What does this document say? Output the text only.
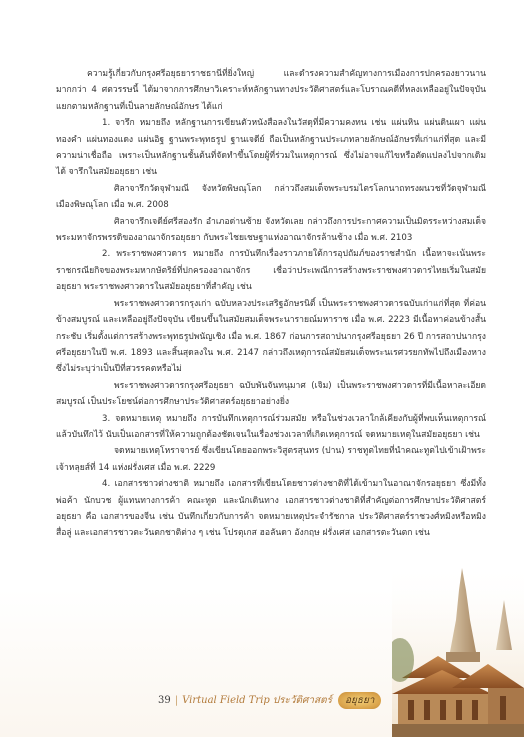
ความรู้เกี่ยวกับกรุงศรีอยุธยาราชธานีที่ยิ่งใหญ่ และดำรงความสำคัญทางการเมืองการปกครองยาวนานมากกว่า 4 ศตวรรษนี้ ได้มาจากการศึกษาวิเคราะห์หลักฐานทางประวัติศาสตร์และโบราณคดีที่หลงเหลืออยู่ในปัจจุบัน แยกตามหลักฐานที่เป็นลายลักษณ์อักษร ได้แก่

1. จารึก หมายถึง หลักฐานการเขียนตัวหนังสือลงในวัสดุที่มีความคงทน เช่น แผ่นหิน แผ่นดินเผา แผ่นทองคำ แผ่นทองแดง แผ่นอิฐ ฐานพระพุทธรูป ฐานเจดีย์ ถือเป็นหลักฐานประเภทลายลักษณ์อักษรที่เก่าแก่ที่สุด และมีความน่าเชื่อถือ เพราะเป็นหลักฐานชั้นต้นที่จัดทำขึ้นโดยผู้ที่ร่วมในเหตุการณ์ ซึ่งไม่อาจแก้ไขหรือตัดแปลงไปจากเดิมได้ จารึกในสมัยอยุธยา เช่น

ศิลาจารึกวัดจุฬามณี จังหวัดพิษณุโลก กล่าวถึงสมเด็จพระบรมไตรโลกนาถทรงผนวชที่วัดจุฬามณี เมืองพิษณุโลก เมื่อ พ.ศ. 2008

ศิลาจารึกเจดีย์ศรีสองรัก อำเภอด่านซ้าย จังหวัดเลย กล่าวถึงการประกาศความเป็นมิตรระหว่างสมเด็จพระมหาจักรพรรดิของอาณาจักรอยุธยา กับพระไชยเชษฐาแห่งอาณาจักรล้านช้าง เมื่อ พ.ศ. 2103

2. พระราชพงศาวดาร หมายถึง การบันทึกเรื่องราวภายใต้การอุปถัมภ์ของราชสำนัก เนื้อหาจะเน้นพระราชกรณียกิจของพระมหากษัตริย์ที่ปกครองอาณาจักร เชื่อว่าประเพณีการสร้างพระราชพงศาวดารไทยเริ่มในสมัยอยุธยา พระราชพงศาวดารในสมัยอยุธยาที่สำคัญ เช่น

พระราชพงศาวดารกรุงเก่า ฉบับหลวงประเสริฐอักษรนิติ์ เป็นพระราชพงศาวดารฉบับเก่าแก่ที่สุด ที่ค่อนข้างสมบูรณ์ และเหลืออยู่ถึงปัจจุบัน เขียนขึ้นในสมัยสมเด็จพระนารายณ์มหาราช เมื่อ พ.ศ. 2223 มีเนื้อหาค่อนข้างสั้นกระชับ เริ่มตั้งแต่การสร้างพระพุทธรูปพนัญเชิง เมื่อ พ.ศ. 1867 ก่อนการสถาปนากรุงศรีอยุธยา 26 ปี การสถาปนากรุงศรีอยุธยาในปี พ.ศ. 1893 และสิ้นสุดลงใน พ.ศ. 2147 กล่าวถึงเหตุการณ์สมัยสมเด็จพระนเรศวรยกทัพไปถึงเมืองหาง ซึ่งไม่ระบุว่าเป็นปีที่สวรรคตหรือไม่

พระราชพงศาวดารกรุงศรีอยุธยา ฉบับพันจันทนุมาศ (เจิม) เป็นพระราชพงศาวดารที่มีเนื้อหาละเอียดสมบูรณ์ เป็นประโยชน์ต่อการศึกษาประวัติศาสตร์อยุธยาอย่างยิ่ง

3. จดหมายเหตุ หมายถึง การบันทึกเหตุการณ์ร่วมสมัย หรือในช่วงเวลาใกล้เคียงกับผู้ที่พบเห็นเหตุการณ์แล้วบันทึกไว้ นับเป็นเอกสารที่ให้ความถูกต้องชัดเจนในเรื่องช่วงเวลาที่เกิดเหตุการณ์ จดหมายเหตุในสมัยอยุธยา เช่น

จดหมายเหตุโหราจารย์ ซึ่งเขียนโดยออกพระวิสูตรสุนทร (ปาน) ราชทูตไทยที่นำคณะทูตไปเข้าเฝ้าพระเจ้าหลุยส์ที่ 14 แห่งฝรั่งเศส เมื่อ พ.ศ. 2229

4. เอกสารชาวต่างชาติ หมายถึง เอกสารที่เขียนโดยชาวต่างชาติที่ได้เข้ามาในอาณาจักรอยุธยา ซึ่งมีทั้งพ่อค้า นักบวช ผู้แทนทางการค้า คณะทูต และนักเดินทาง เอกสารชาวต่างชาติที่สำคัญต่อการศึกษาประวัติศาสตร์อยุธยา คือ เอกสารของจีน เช่น บันทึกเกี่ยวกับการค้า จดหมายเหตุประจำรัชกาล ประวัติศาสตร์ราชวงศ์หมิงหรือหมิงสื่อลู่ และเอกสารชาวตะวันตกชาติต่าง ๆ เช่น โปรตุเกส ฮอลันดา อังกฤษ ฝรั่งเศส เอกสารตะวันตก เช่น

39 | Virtual Field Trip ประวัติศาสตร์	อยุธยา
